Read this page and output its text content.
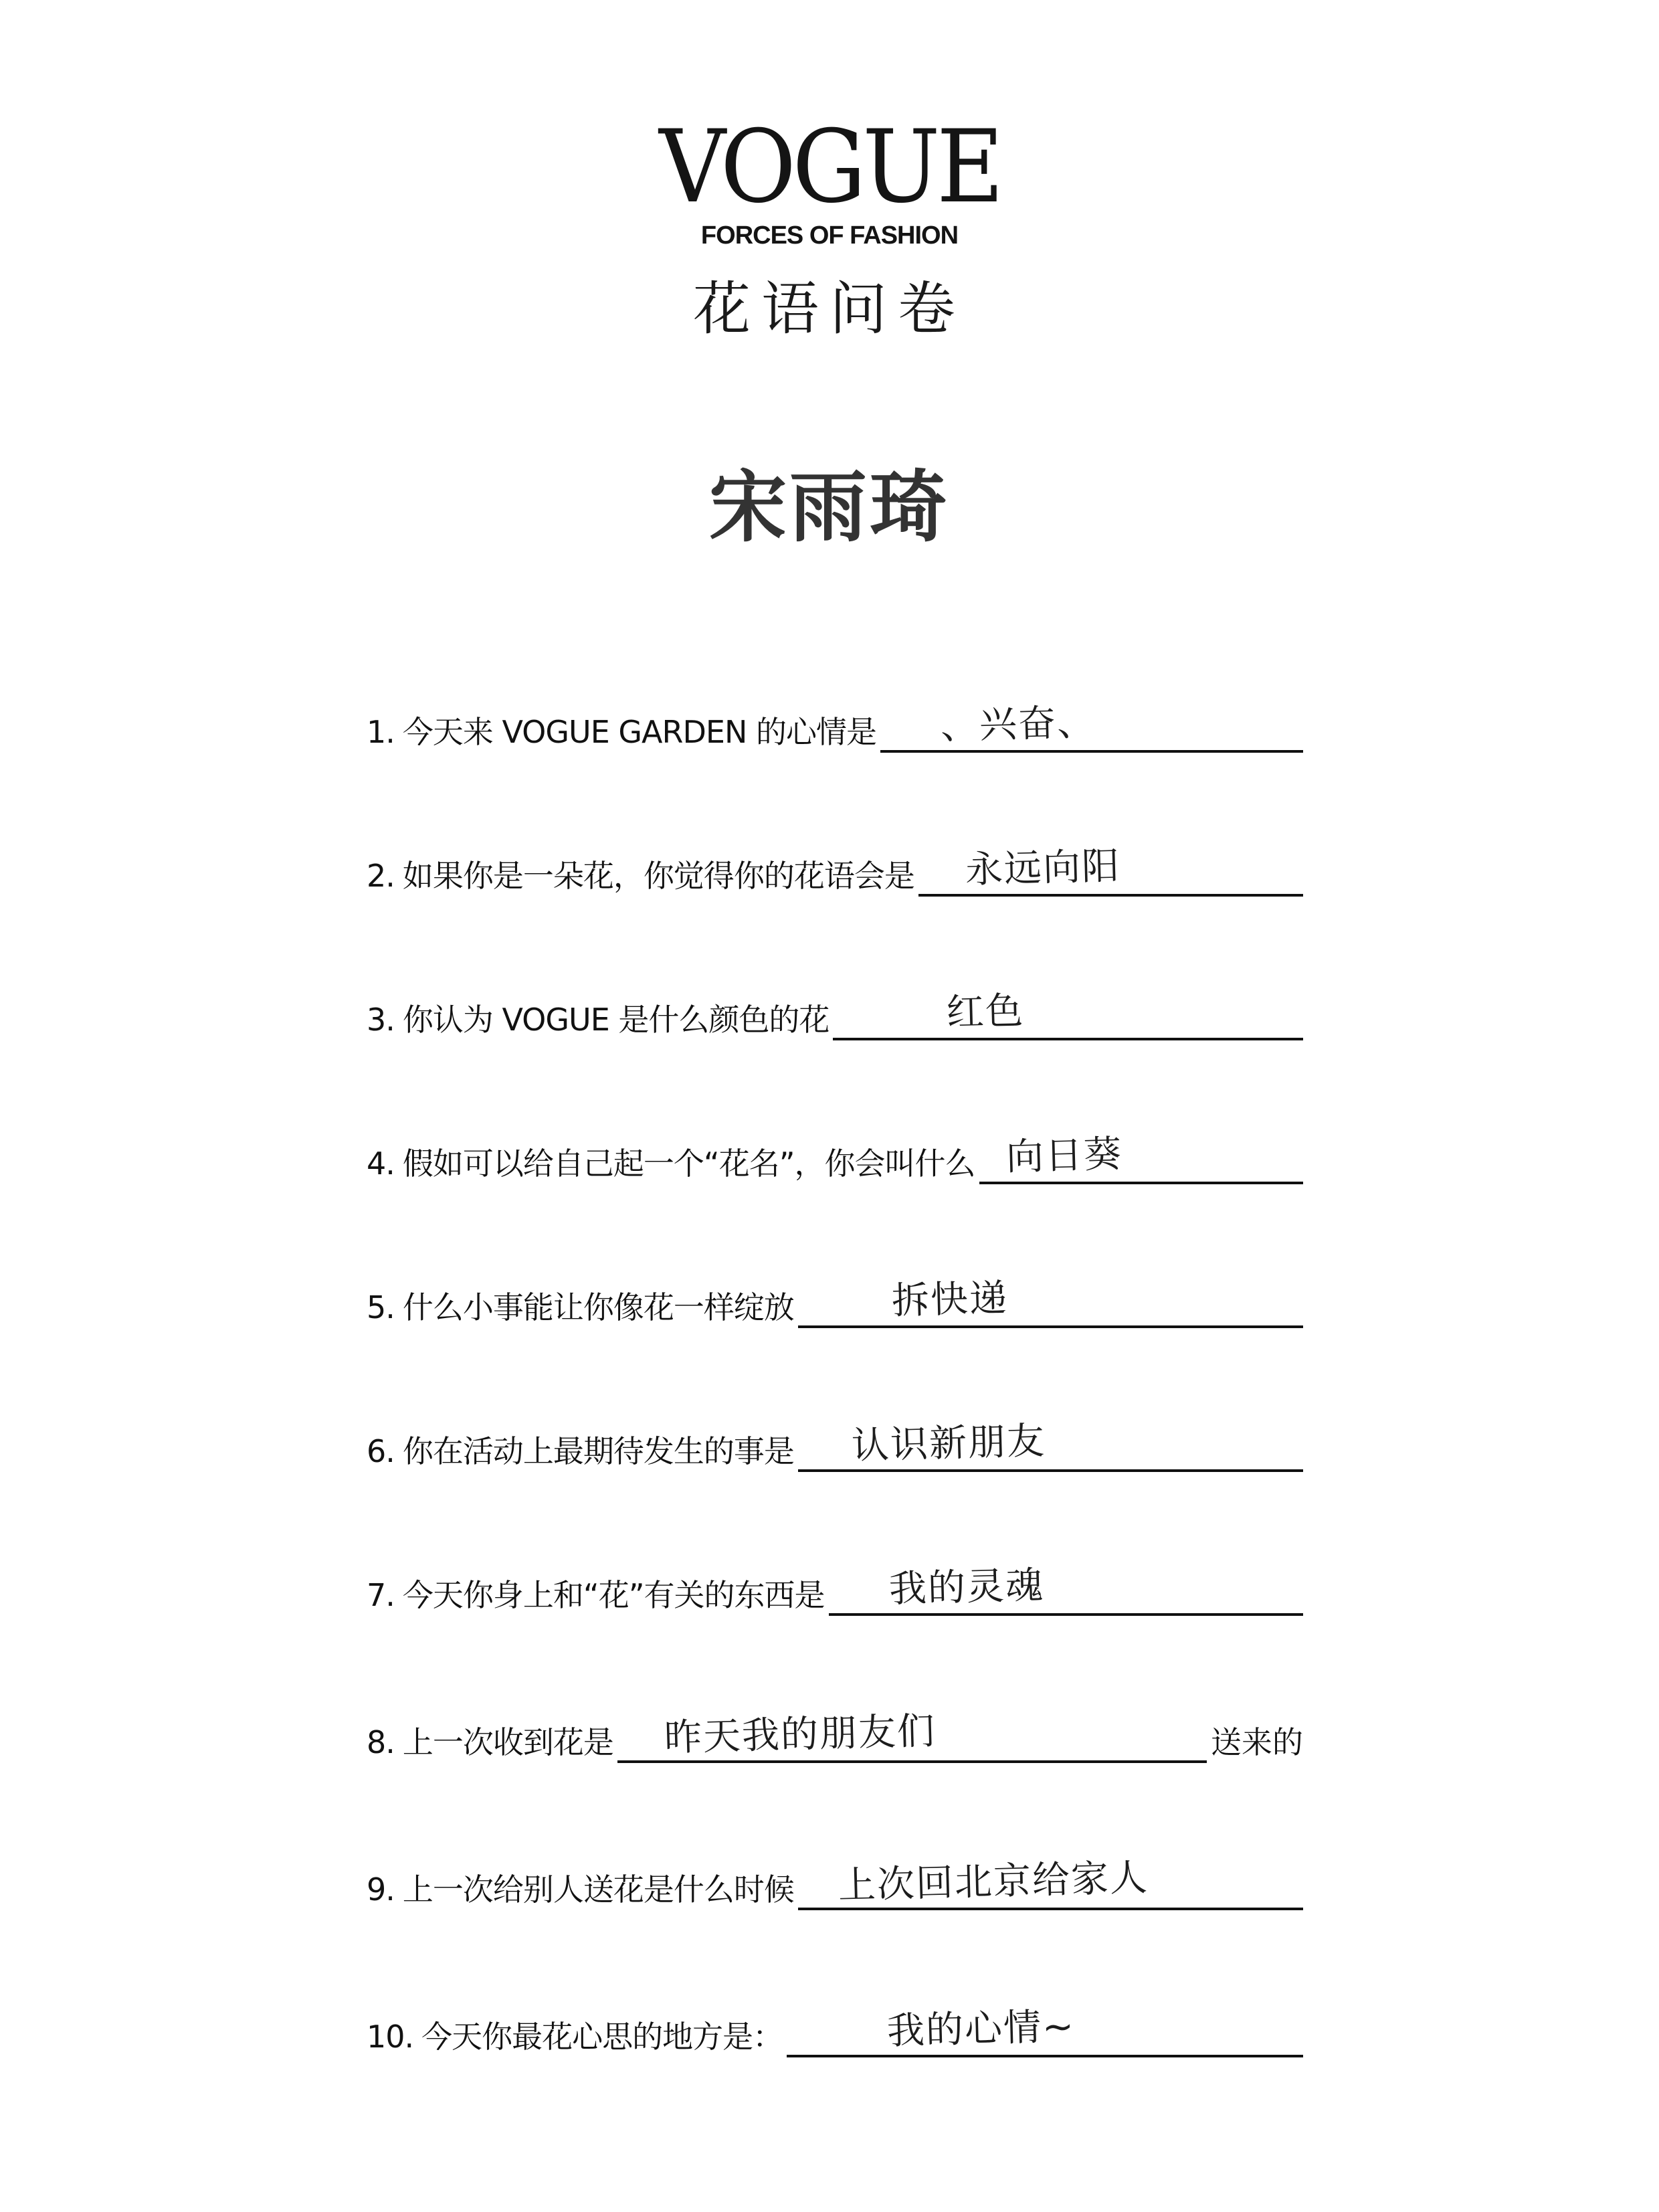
VOGUE
FORCES OF FASHION
花语问卷
宋雨琦
1. 今天来 VOGUE GARDEN 的心情是 、兴奋、
2. 如果你是一朵花，你觉得你的花语会是 永远向阳
3. 你认为 VOGUE 是什么颜色的花	红色
4. 假如可以给自己起一个“花名”，你会叫什么 向日葵
5. 什么小事能让你像花一样绽放	拆快递
6. 你在活动上最期待发生的事是 认识新朋友
7. 今天你身上和“花”有关的东西是 我的灵魂
8. 上一次收到花是 昨天我的朋友们	送来的
9. 上一次给别人送花是什么时候 上次回北京给家人
10. 今天你最花心思的地方是：	我的心情~
